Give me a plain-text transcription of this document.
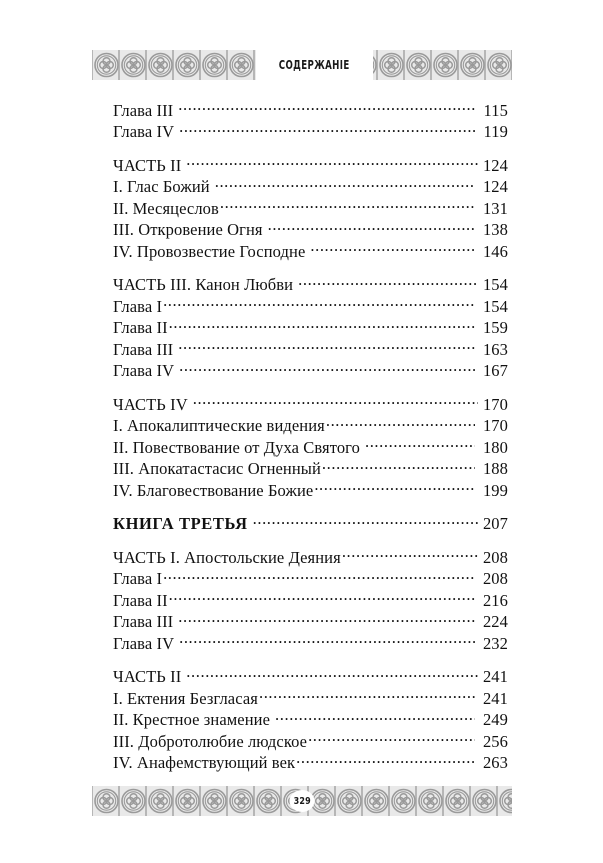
СОДЕРЖАНIЕ
Глава III .....	115
Глава IV .....	119
ЧАСТЬ II .....	124
I. Глас Божий .....	124
II. Месяцеслов .....	131
III. Откровение Огня .....	138
IV. Провозвестие Господне .....	146
ЧАСТЬ III. Канон Любви .....	154
Глава I .....	154
Глава II .....	159
Глава III .....	163
Глава IV .....	167
ЧАСТЬ IV .....	170
I. Апокалиптические видения .....	170
II. Повествование от Духа Святого .....	180
III. Апокатастасис Огненный .....	188
IV. Благовествование Божие .....	199
КНИГА ТРЕТЬЯ .....	207
ЧАСТЬ I. Апостольские Деяния .....	208
Глава I .....	208
Глава II .....	216
Глава III .....	224
Глава IV .....	232
ЧАСТЬ II .....	241
I. Ектения Безгласая .....	241
II. Крестное знамение .....	249
III. Добротолюбие людское .....	256
IV. Анафемствующий век .....	263
329
